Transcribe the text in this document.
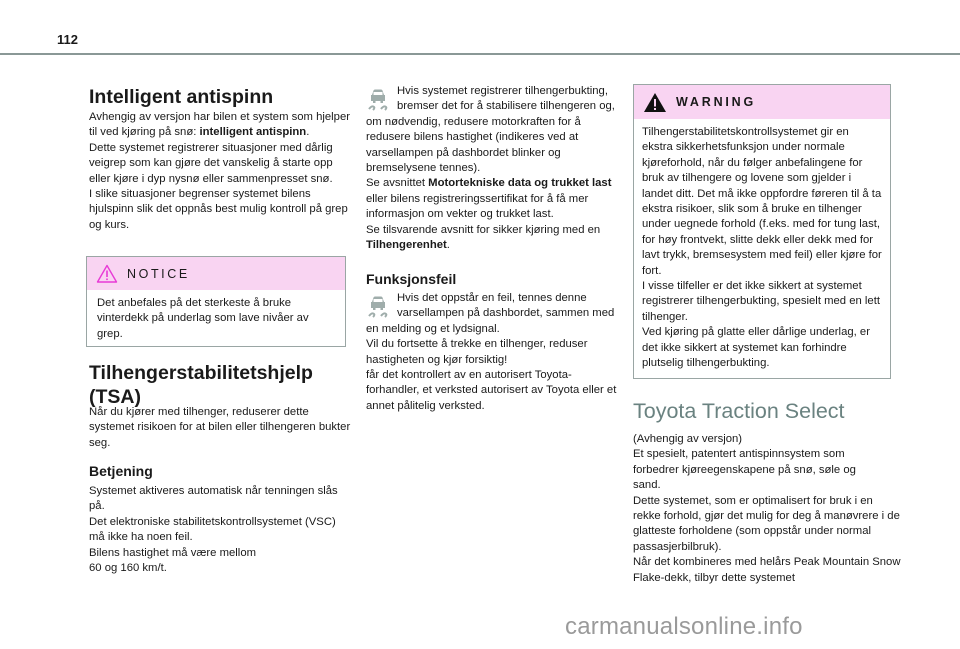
112
Intelligent antispinn

Avhengig av versjon har bilen et system som hjelper til ved kjøring på snø: intelligent antispinn.

Dette systemet registrerer situasjoner med dårlig veigrep som kan gjøre det vanskelig å starte opp eller kjøre i dyp nysnø eller sammenpresset snø.

I slike situasjoner begrenser systemet bilens hjulspinn slik det oppnås best mulig kontroll på grep og kurs.

NOTICE

Det anbefales på det sterkeste å bruke vinterdekk på underlag som lave nivåer av grep.

Tilhengerstabilitetshjelp
(TSA)

Når du kjører med tilhenger, reduserer dette systemet risikoen for at bilen eller tilhengeren bukter seg.

Betjening

Systemet aktiveres automatisk når tenningen slås på.

Det elektroniske stabilitetskontrollsystemet (VSC) må ikke ha noen feil.

Bilens hastighet må være mellom 60 og 160 km/t.

Hvis systemet registrerer tilhengerbukting, bremser det for å stabilisere tilhengeren og, om nødvendig, redusere motorkraften for å redusere bilens hastighet (indikeres ved at varsellampen på dashbordet blinker og bremselysene tennes).

Se avsnittet Motortekniske data og trukket last eller bilens registreringssertifikat for å få mer informasjon om vekter og trukket last.

Se tilsvarende avsnitt for sikker kjøring med en Tilhengerenhet.

Funksjonsfeil

Hvis det oppstår en feil, tennes denne varsellampen på dashbordet, sammen med en melding og et lydsignal.

Vil du fortsette å trekke en tilhenger, reduser hastigheten og kjør forsiktig!

får det kontrollert av en autorisert Toyota-forhandler, et verksted autorisert av Toyota eller et annet pålitelig verksted.

WARNING

Tilhengerstabilitetskontrollsystemet gir en ekstra sikkerhetsfunksjon under normale kjøreforhold, når du følger anbefalingene for bruk av tilhengere og lovene som gjelder i landet ditt. Det må ikke oppfordre føreren til å ta ekstra risikoer, slik som å bruke en tilhenger under uegnede forhold (f.eks. med for tung last, for høy frontvekt, slitte dekk eller dekk med for lavt trykk, bremsesystem med feil) eller kjøre for fort.

I visse tilfeller er det ikke sikkert at systemet registrerer tilhengerbukting, spesielt med en lett tilhenger.

Ved kjøring på glatte eller dårlige underlag, er det ikke sikkert at systemet kan forhindre plutselig tilhengerbukting.

Toyota Traction Select

(Avhengig av versjon)

Et spesielt, patentert antispinnsystem som forbedrer kjøreegenskapene på snø, søle og sand.

Dette systemet, som er optimalisert for bruk i en rekke forhold, gjør det mulig for deg å manøvrere i de glatteste forholdene (som oppstår under normal passasjerbilbruk).

Når det kombineres med helårs Peak Mountain Snow Flake-dekk, tilbyr dette systemet

carmanualsonline.info
